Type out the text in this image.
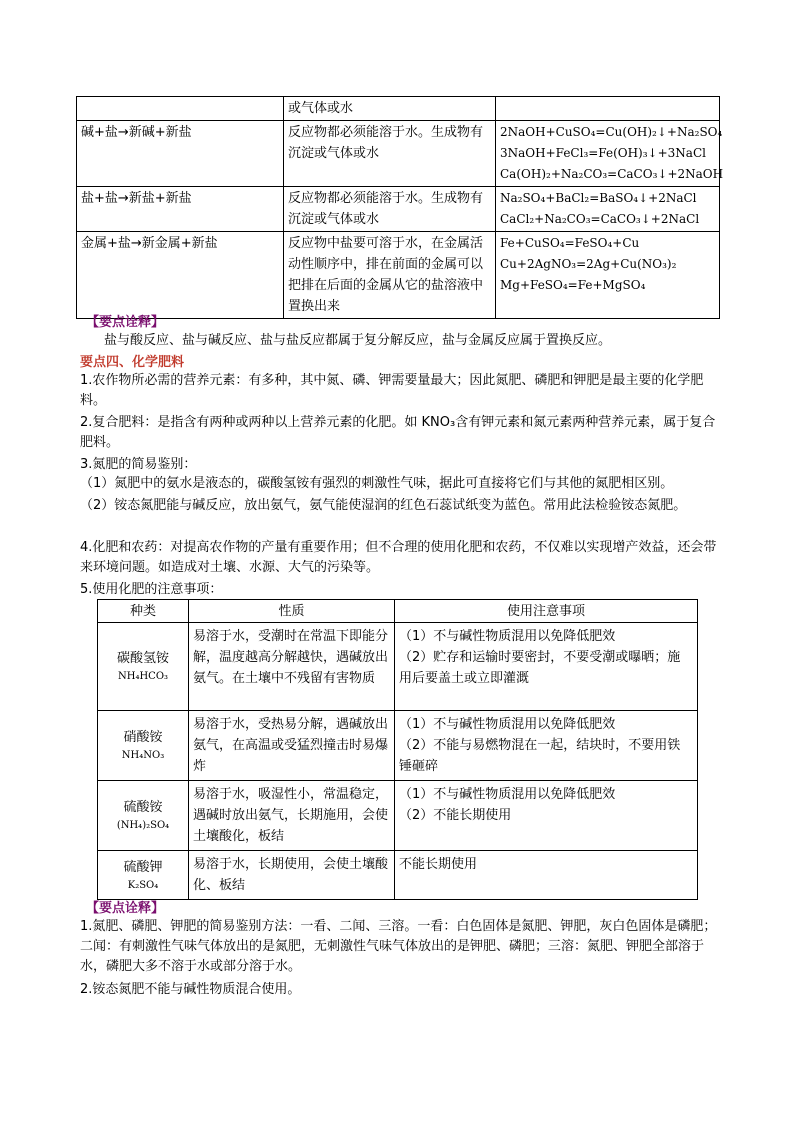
	或气体或水	
碱+盐→新碱+新盐	反应物都必须能溶于水。生成物有沉淀或气体或水	2NaOH+CuSO₄=Cu(OH)₂↓+Na₂SO₄
3NaOH+FeCl₃=Fe(OH)₃↓+3NaCl
Ca(OH)₂+Na₂CO₃=CaCO₃↓+2NaOH

盐+盐→新盐+新盐	反应物都必须能溶于水。生成物有沉淀或气体或水	Na₂SO₄+BaCl₂=BaSO₄↓+2NaCl
CaCl₂+Na₂CO₃=CaCO₃↓+2NaCl

金属+盐→新金属+新盐	反应物中盐要可溶于水，在金属活动性顺序中，排在前面的金属可以把排在后面的金属从它的盐溶液中置换出来	Fe+CuSO₄=FeSO₄+Cu
Cu+2AgNO₃=2Ag+Cu(NO₃)₂
Mg+FeSO₄=Fe+MgSO₄
【要点诠释】
盐与酸反应、盐与碱反应、盐与盐反应都属于复分解反应，盐与金属反应属于置换反应。
要点四、化学肥料
1.农作物所必需的营养元素：有多种，其中氮、磷、钾需要量最大；因此氮肥、磷肥和钾肥是最主要的化学肥料。
2.复合肥料：是指含有两种或两种以上营养元素的化肥。如 KNO₃含有钾元素和氮元素两种营养元素，属于复合肥料。
3.氮肥的简易鉴别：
（1）氮肥中的氨水是液态的，碳酸氢铵有强烈的刺激性气味，据此可直接将它们与其他的氮肥相区别。
（2）铵态氮肥能与碱反应，放出氨气，氨气能使湿润的红色石蕊试纸变为蓝色。常用此法检验铵态氮肥。
4.化肥和农药：对提高农作物的产量有重要作用；但不合理的使用化肥和农药，不仅难以实现增产效益，还会带来环境问题。如造成对土壤、水源、大气的污染等。
5.使用化肥的注意事项：
种类	性质	使用注意事项

碳酸氢铵
NH₄HCO₃	易溶于水，受潮时在常温下即能分解，温度越高分解越快，遇碱放出氨气。在土壤中不残留有害物质	（1）不与碱性物质混用以免降低肥效
（2）贮存和运输时要密封，不要受潮或曝晒；施用后要盖土或立即灌溉

硝酸铵
NH₄NO₃	易溶于水，受热易分解，遇碱放出氨气，在高温或受猛烈撞击时易爆炸	（1）不与碱性物质混用以免降低肥效
（2）不能与易燃物混在一起，结块时，不要用铁锤砸碎

硫酸铵
(NH₄)₂SO₄	易溶于水，吸湿性小，常温稳定，遇碱时放出氨气，长期施用，会使土壤酸化，板结	（1）不与碱性物质混用以免降低肥效
（2）不能长期使用

硫酸钾
K₂SO₄	易溶于水，长期使用，会使土壤酸化、板结	不能长期使用
【要点诠释】
1.氮肥、磷肥、钾肥的简易鉴别方法：一看、二闻、三溶。一看：白色固体是氮肥、钾肥，灰白色固体是磷肥；二闻：有刺激性气味气体放出的是氮肥，无刺激性气味气体放出的是钾肥、磷肥；三溶：氮肥、钾肥全部溶于水，磷肥大多不溶于水或部分溶于水。
2.铵态氮肥不能与碱性物质混合使用。
